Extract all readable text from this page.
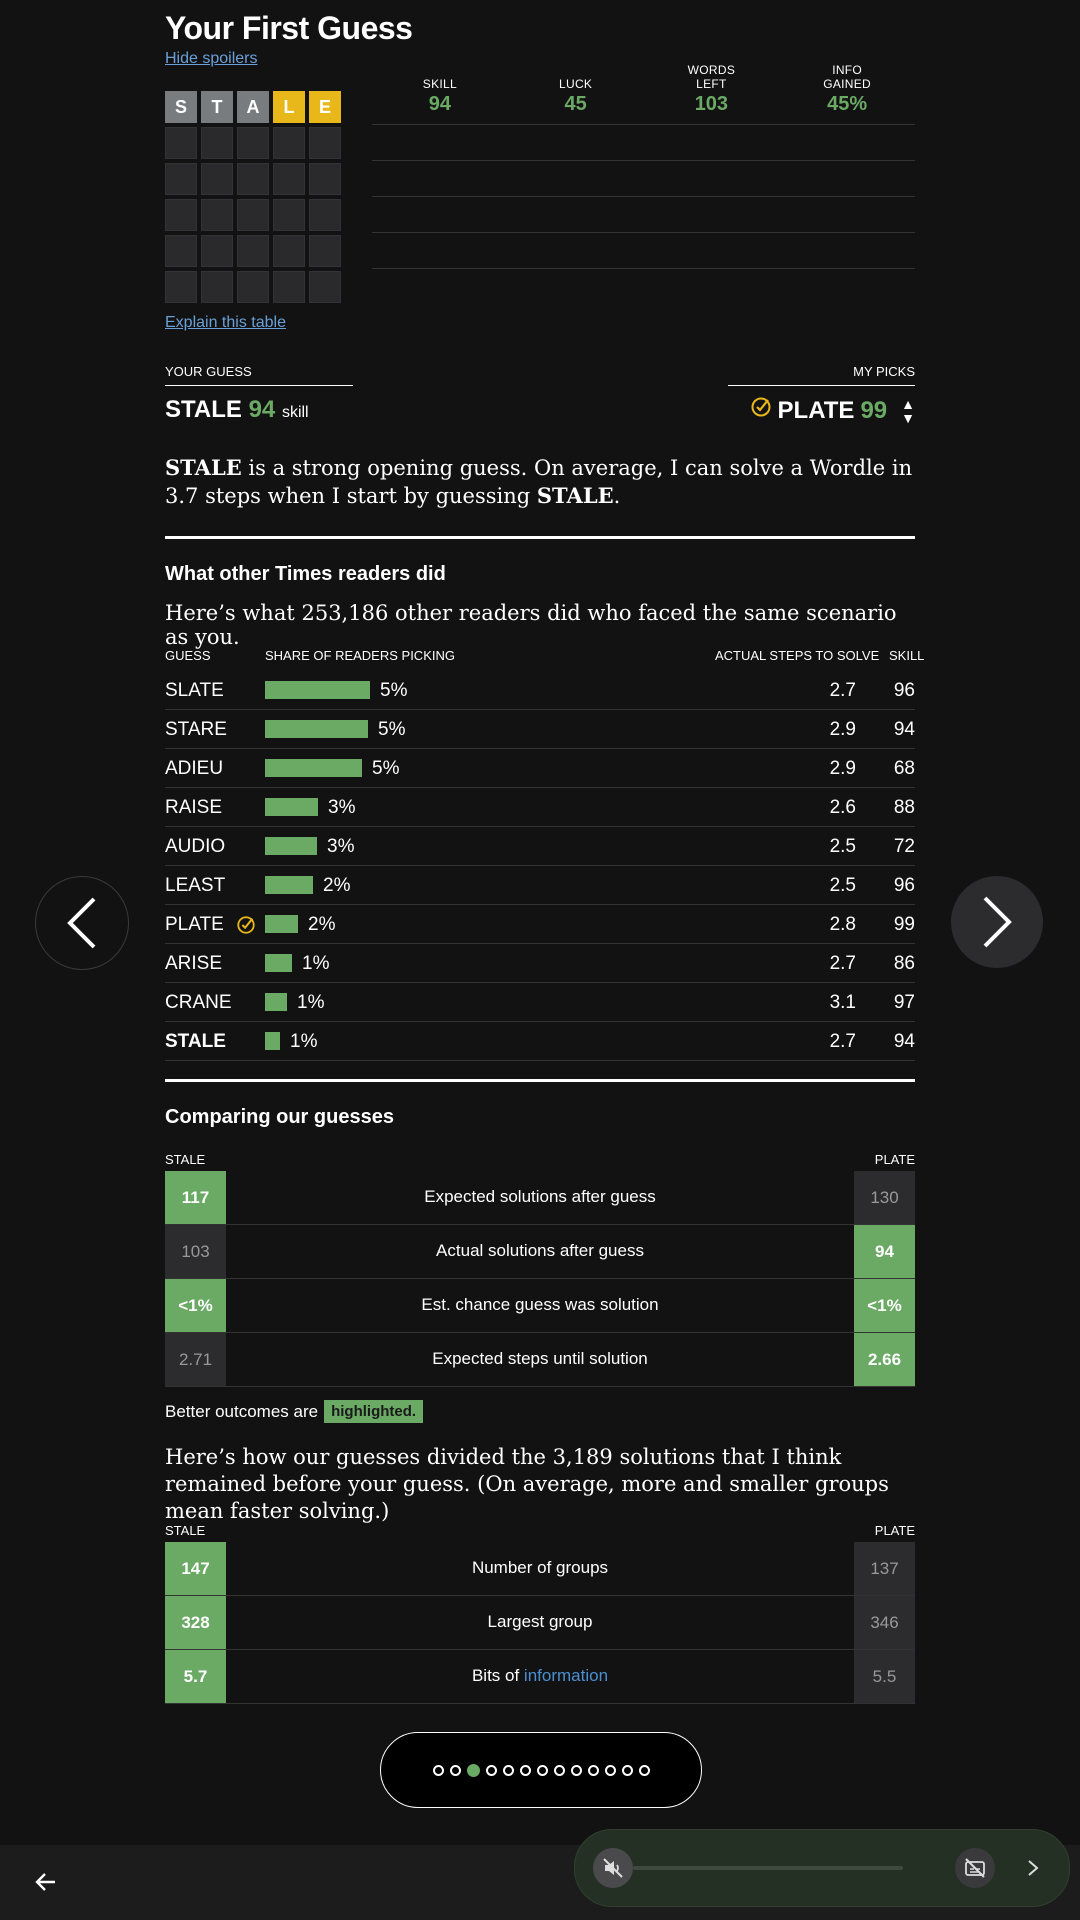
Your First Guess
Hide spoilers
S	T	A	L	E
SKILL
94
LUCK
45
WORDS
LEFT
103
INFO
GAINED
45%
Explain this table
YOUR GUESS	MY PICKS
STALE 94 skill	PLATE 99 ▲
▼
STALE is a strong opening guess. On average, I can solve a Wordle in 3.7 steps when I start by guessing STALE.
What other Times readers did
Here’s what 253,186 other readers did who faced the same scenario as you.
GUESS	SHARE OF READERS PICKING	ACTUAL STEPS TO SOLVE SKILL
SLATE	5%	2.7 96
STARE	5%	2.9 94
ADIEU	5%	2.9 68
RAISE	3%	2.6 88
AUDIO	3%	2.5 72
LEAST	2%	2.5 96
PLATE	2%	2.8 99
ARISE	1%	2.7 86
CRANE	1%	3.1 97
STALE	1%	2.7 94
Comparing our guesses
STALE	PLATE
117	Expected solutions after guess	130
103	Actual solutions after guess	94
<1%	Est. chance guess was solution	<1%
2.71	Expected steps until solution	2.66
Better outcomes are highlighted.
Here’s how our guesses divided the 3,189 solutions that I think remained before your guess. (On average, more and smaller groups mean faster solving.)
STALE	PLATE
147	Number of groups	137
328	Largest group	346
5.7	Bits of information	5.5
